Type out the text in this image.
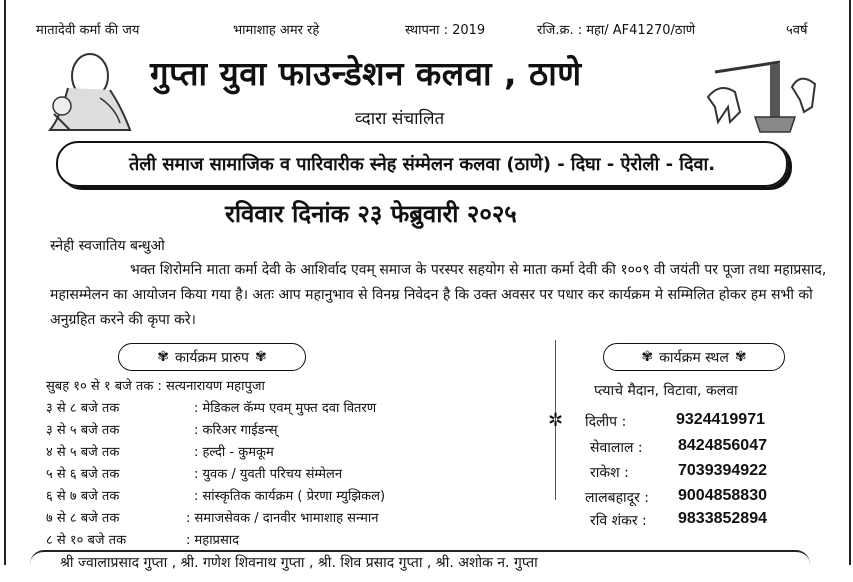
मातादेवी कर्मा की जय	भामाशाह अमर रहे	स्थापना : 2019	रजि.क्र. : महा/ AF41270/ठाणे	५वर्ष
गुप्ता युवा फाउन्डेशन कलवा , ठाणे
व्दारा संचालित
तेली समाज सामाजिक व पारिवारीक स्नेह संम्मेलन कलवा (ठाणे) - दिघा - ऐरोली - दिवा.
रविवार दिनांक २३ फेब्रुवारी २०२५
स्नेही स्वजातिय बन्धुओ
भक्त शिरोमनि माता कर्मा देवी के आशिर्वाद एवम् समाज के परस्पर सहयोग से माता कर्मा देवी की १००९ वी जयंती पर पूजा तथा महाप्रसाद, महासम्मेलन का आयोजन किया गया है। अतः आप महानुभाव से विनम्र निवेदन है कि उक्त अवसर पर पधार कर कार्यक्रम मे सम्मिलित होकर हम सभी को अनुग्रहित करने की कृपा करे।
✾ कार्यक्रम प्रारुप ✾
सुबह १० से १ बजे तक : सत्यनारायण महापुजा
३ से ८ बजे तक	: मेडिकल कॅम्प एवम् मुफ्त दवा वितरण
३ से ५ बजे तक	: करिअर गाईडन्स्
४ से ५ बजे तक	: हल्दी - कुमकूम
५ से ६ बजे तक	: युवक / युवती परिचय संम्मेलन
६ से ७ बजे तक	: सांस्कृतिक कार्यक्रम ( प्रेरणा म्युझिकल)
७ से ८ बजे तक	: समाजसेवक / दानवीर भामाशाह सन्मान
८ से १० बजे तक	: महाप्रसाद
✾ कार्यक्रम स्थल ✾
प्त्याचे मैदान, विटावा, कलवा
✲ दिलीप :	9324419971
सेवालाल : 8424856047
राकेश :	7039394922
लालबहादूर : 9004858830
रवि शंकर : 9833852894
श्री ज्वालाप्रसाद गुप्ता , श्री. गणेश शिवनाथ गुप्ता , श्री. शिव प्रसाद गुप्ता , श्री. अशोक न. गुप्ता
